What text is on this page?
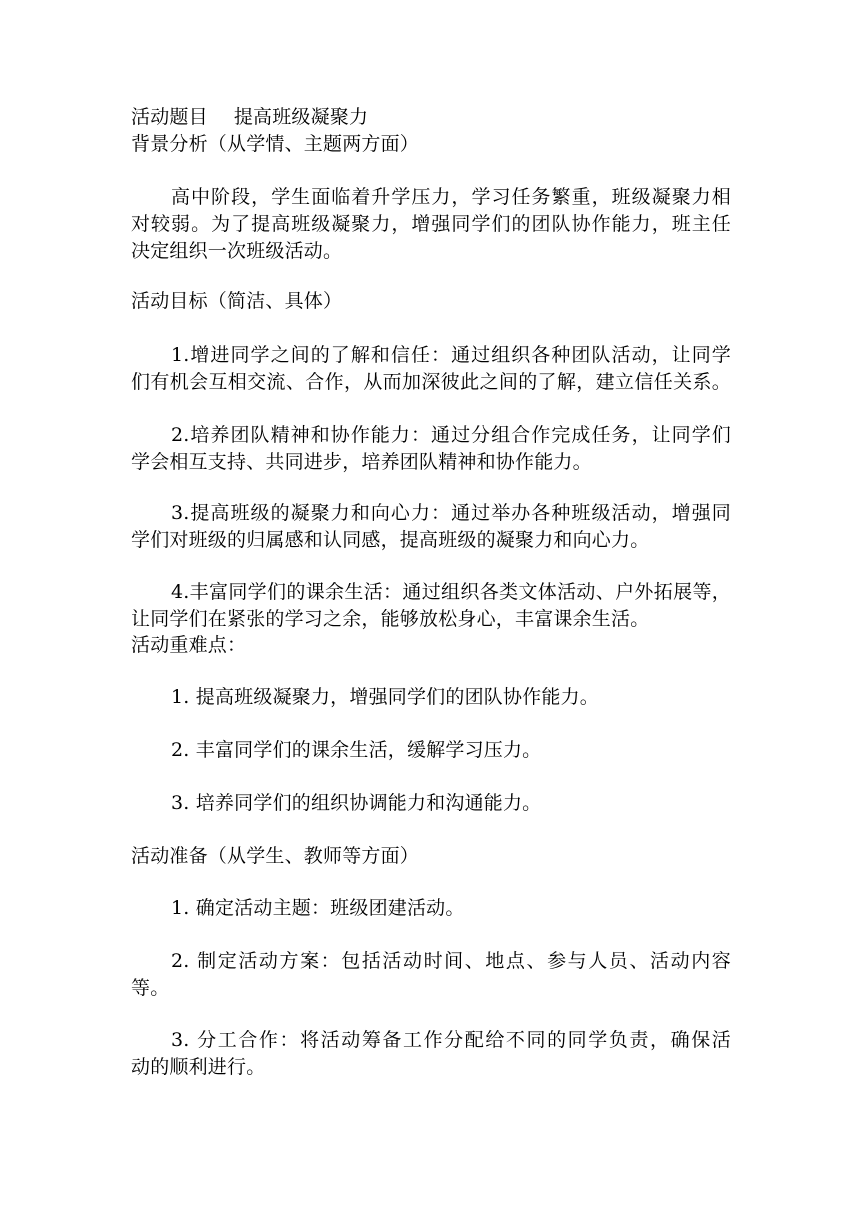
活动题目 提高班级凝聚力
背景分析（从学情、主题两方面）
高中阶段，学生面临着升学压力，学习任务繁重，班级凝聚力相
对较弱。为了提高班级凝聚力，增强同学们的团队协作能力，班主任
决定组织一次班级活动。
活动目标（简洁、具体）
1.增进同学之间的了解和信任：通过组织各种团队活动，让同学
们有机会互相交流、合作，从而加深彼此之间的了解，建立信任关系。
2.培养团队精神和协作能力：通过分组合作完成任务，让同学们
学会相互支持、共同进步，培养团队精神和协作能力。
3.提高班级的凝聚力和向心力：通过举办各种班级活动，增强同
学们对班级的归属感和认同感，提高班级的凝聚力和向心力。
4.丰富同学们的课余生活：通过组织各类文体活动、户外拓展等，
让同学们在紧张的学习之余，能够放松身心，丰富课余生活。
活动重难点：
1. 提高班级凝聚力，增强同学们的团队协作能力。
2. 丰富同学们的课余生活，缓解学习压力。
3. 培养同学们的组织协调能力和沟通能力。
活动准备（从学生、教师等方面）
1. 确定活动主题：班级团建活动。
2. 制定活动方案：包括活动时间、地点、参与人员、活动内容
等。
3. 分工合作：将活动筹备工作分配给不同的同学负责，确保活
动的顺利进行。
